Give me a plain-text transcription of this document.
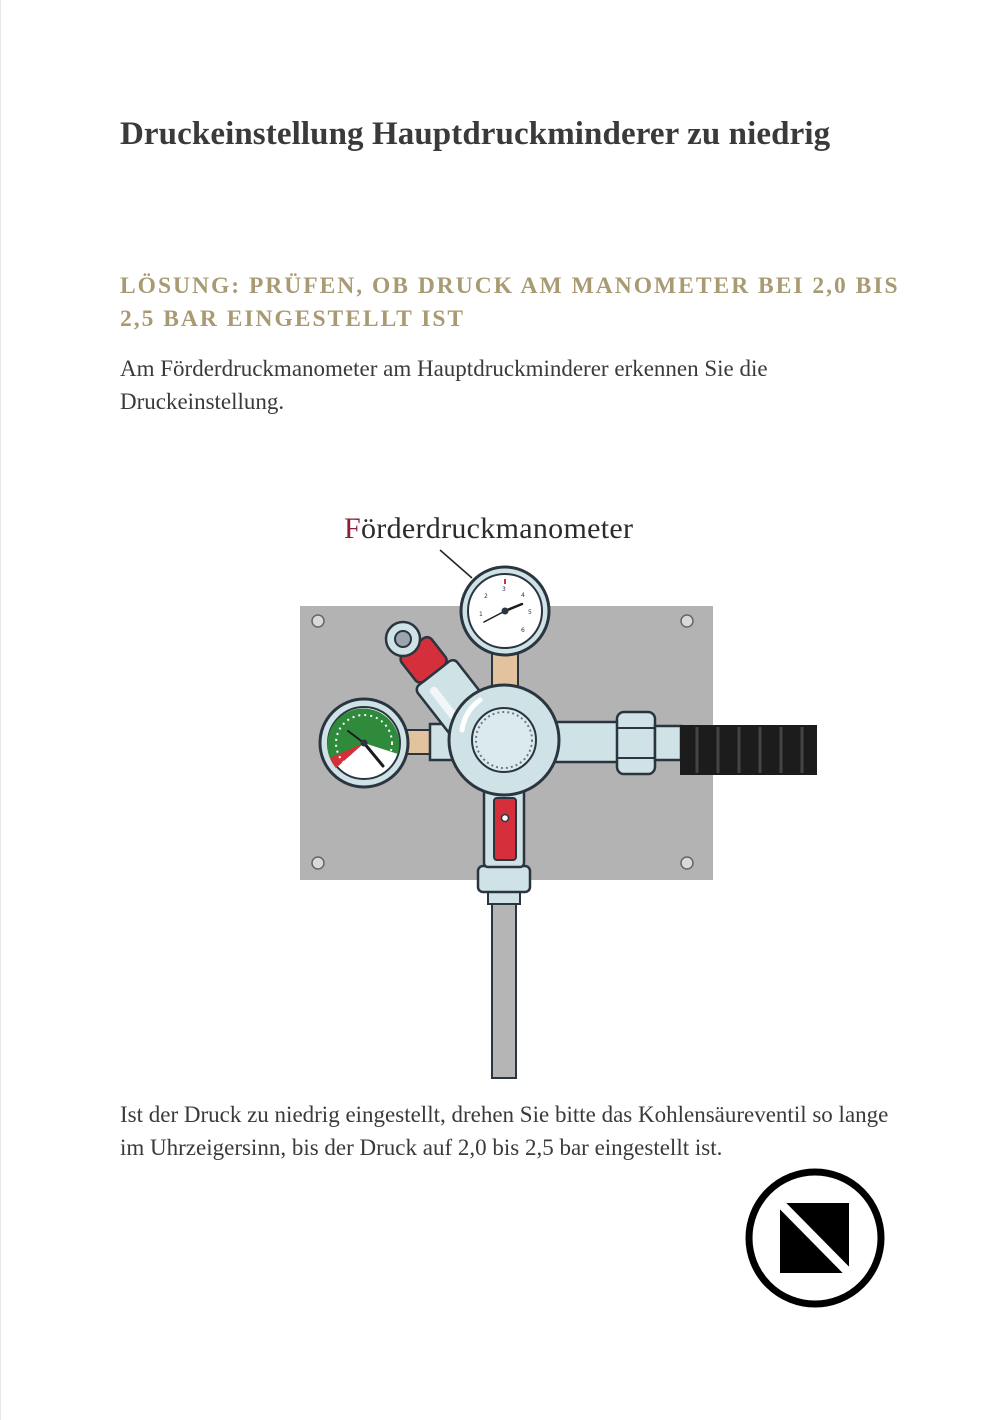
Druckeinstellung Hauptdruckminderer zu niedrig
LÖSUNG: PRÜFEN, OB DRUCK AM MANOMETER BEI 2,0 BIS 2,5 BAR EINGESTELLT IST

Am Förderdruckmanometer am Hauptdruckminderer erkennen Sie die Druckeinstellung.

Förderdruckmanometer

1
2
3
4
5
6

Ist der Druck zu niedrig eingestellt, drehen Sie bitte das Kohlensäureventil so lange im Uhrzeigersinn, bis der Druck auf 2,0 bis 2,5 bar eingestellt ist.
